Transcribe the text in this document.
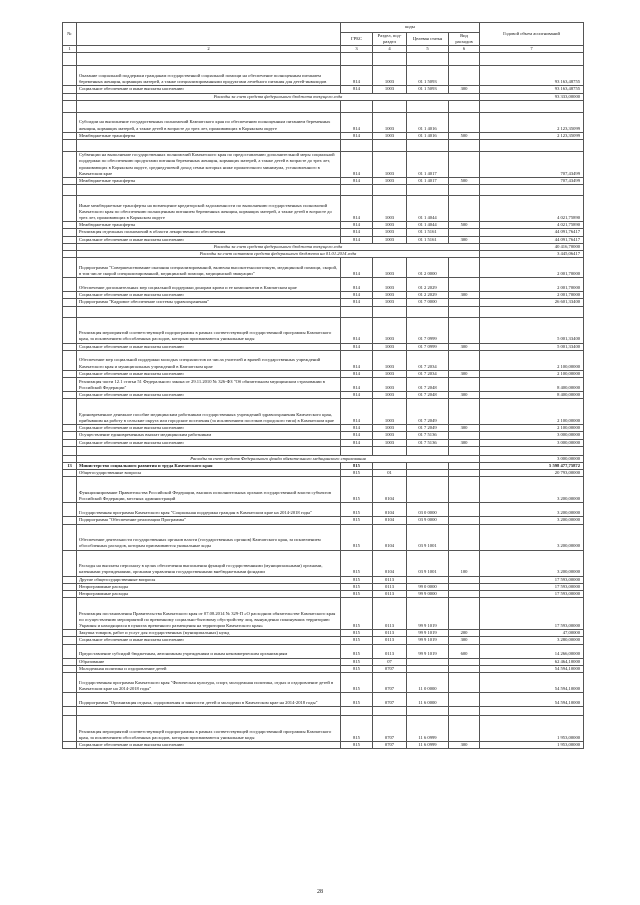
№		коды				Годовой объем ассигнований
		ГРБС	Раздел, под-раздел	Целевая статья	Вид расходов	
1	2	3	4	5	6	7

	Оказание социальной поддержки гражданам государственной социальной помощи на обеспечение полноценным питанием беременных женщин, кормящих матерей, а также специализированными продуктами лечебного питания для детей-инвалидов	814	1003	01 1 5093		93 163,48755
	Социальное обеспечение и иные выплаты населению	814	1003	01 1 5093	300	93 163,48755
	Расходы за счет средств федерального бюджета текущего года					93 333,00000

	Субсидии на выполнение государственных полномочий Камчатского края по обеспечению полноценным питанием беременных женщин, кормящих матерей, а также детей в возрасте до трех лет, проживающих в Корякском округе	814	1003	01 1 4016		2 123,35099
	Межбюджетные трансферты	814	1003	01 1 4016	500	2 123,35099

	Субвенции на выполнение государственных полномочий Камчатского края по предоставлению дополнительной меры социальной поддержки по обеспечению продуктами питания беременных женщин, кормящих матерей, а также детей в возрасте до трех лет, проживающих в Корякском округе, среднедушевой доход семьи которых ниже прожиточного минимума, установленного в Камчатском крае	814	1003	01 1 4017		707,43499
	Межбюджетные трансферты	814	1003	01 1 4017	500	707,43499

	Иные межбюджетные трансферты на возмещение кредиторской задолженности по выполнению государственных полномочий Камчатского края по обеспечению полноценным питанием беременных женщин, кормящих матерей, а также детей в возрасте до трех лет, проживающих в Корякском округе	814	1003	01 1 4044		4 021,75890
	Межбюджетные трансферты	814	1003	01 1 4044	500	4 021,75890
	Реализация отдельных полномочий в области лекарственного обеспечения	814	1003	01 1 5161		44 091,76417
	Социальное обеспечение и иные выплаты населению	814	1003	01 1 5161	300	44 091,76417
	Расходы за счет средств федерального бюджета текущего года					40 416,70000
	Расходы за счет остатков средств федерального бюджета на 01.01.2014 года					3 445,06417
	Подпрограмма "Совершенствование оказания специализированной, включая высокотехнологичную, медицинской помощи, скорой, в том числе скорой специализированной, медицинской помощи, медицинской эвакуации"	814	1003	01 2 0000		2 001,70000
	Обеспечение дополнительных мер социальной поддержки донорам крови и ее компонентов в Камчатском крае	814	1003	01 2 2029		2 001,70000
	Социальное обеспечение и иные выплаты населению	814	1003	01 2 2029	300	2 001,70000
	Подпрограмма "Кадровое обеспечение системы здравоохранения"	814	1003	01 7 0000		26 601,33400

	Реализация мероприятий соответствующей подпрограммы в рамках соответствующей государственной программы Камчатского края, за исключением обособленных расходов, которым присваиваются уникальные коды	814	1003	01 7 0999		5 001,33400
	Социальное обеспечение и иные выплаты населению	814	1003	01 7 0999	300	5 001,33400
	Обеспечение мер социальной поддержки молодых специалистов из числа учителей и врачей государственных учреждений Камчатского края и муниципальных учреждений в Камчатском крае	814	1003	01 7 2034		2 100,00000
	Социальное обеспечение и иные выплаты населению	814	1003	01 7 2034	300	2 100,00000
	Реализация части 12.1 статьи 51 Федерального закона от 29.11.2010 № 326-ФЗ "Об обязательном медицинском страховании в Российской Федерации"	814	1003	01 7 2048		8 400,00000
	Социальное обеспечение и иные выплаты населению	814	1003	01 7 2048	300	8 400,00000
	Единовременное денежное пособие медицинским работникам государственных учреждений здравоохранения Камчатского края, прибывшим на работу в сельские округа или городские поселения (за исключением поселков городского типа) в Камчатском крае	814	1003	01 7 2049		2 100,00000
	Социальное обеспечение и иные выплаты населению	814	1003	01 7 2049	300	2 100,00000
	Осуществление единовременных выплат медицинским работникам	814	1003	01 7 5136		3 000,00000
	Социальное обеспечение и иные выплаты населению	814	1003	01 7 5136	300	3 000,00000

	Расходы за счет средств Федерального фонда обязательного медицинского страхования					3 000,00000
13	Министерство социального развития и труда Камчатского края	815				5 598 477,75872
	Общегосударственные вопросы	815	01			20 793,00000
	Функционирование Правительства Российской Федерации, высших исполнительных органов государственной власти субъектов Российской Федерации, местных администраций	815	0104			3 200,00000
	Государственная программа Камчатского края "Социальная поддержка граждан в Камчатском крае на 2014-2018 годы"	815	0104	03 0 0000		3 200,00000
	Подпрограмма "Обеспечение реализации Программы"	815	0104	03 9 0000		3 200,00000
	Обеспечение деятельности государственных органов власти (государственных органов) Камчатского края, за исключением обособленных расходов, которым присваиваются уникальные коды	815	0104	03 9 1001		3 200,00000
	Расходы на выплаты персоналу в целях обеспечения выполнения функций государственными (муниципальными) органами, казенными учреждениями, органами управления государственными внебюджетными фондами	815	0104	03 9 1001	100	3 200,00000
	Другие общегосударственные вопросы	815	0113			17 593,00000
	Непрограммные расходы	815	0113	99 0 0000		17 593,00000
	Непрограммные расходы	815	0113	99 9 0000		17 593,00000
	Реализация постановления Правительства Камчатского края от 07.08.2014 № 329-П «О расходном обязательстве Камчатского края по осуществлению мероприятий по временному социально-бытовому обустройству лиц, вынужденно покинувших территорию Украины и находящихся в пунктах временного размещения на территории Камчатского края»	815	0113	99 9 1019		17 593,00000
	Закупка товаров, работ и услуг для государственных (муниципальных) нужд	815	0113	99 9 1019	200	47,00000
	Социальное обеспечение и иные выплаты населению	815	0113	99 9 1019	300	3 280,00000
	Предоставление субсидий бюджетным, автономным учреждениям и иным некоммерческим организациям	815	0113	99 9 1019	600	14 266,00000
	Образование	815	07			62 464,10000
	Молодежная политика и оздоровление детей	815	0707			54 594,10000
	Государственная программа Камчатского края "Физическая культура, спорт, молодежная политика, отдых и оздоровление детей в Камчатском крае на 2014-2018 годы"	815	0707	11 0 0000		54 594,10000
	Подпрограмма "Организация отдыха, оздоровления и занятости детей и молодежи в Камчатском крае на 2014-2018 годы"	815	0707	11 6 0000		54 594,10000

	Реализация мероприятий соответствующей подпрограммы в рамках соответствующей государственной программы Камчатского края, за исключением обособленных расходов, которым присваиваются уникальные коды	815	0707	11 6 0999		1 953,00000
	Социальное обеспечение и иные выплаты населению	815	0707	11 6 0999	300	1 953,00000
28
